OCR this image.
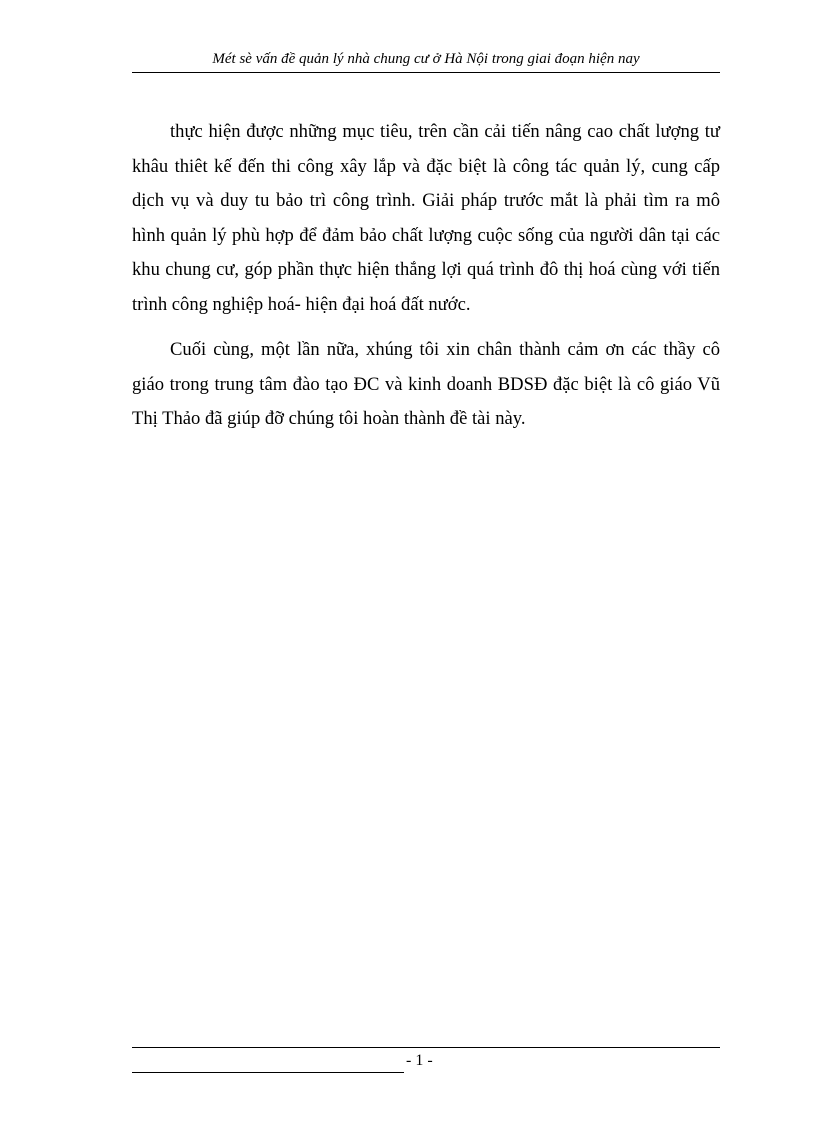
Mét sè vấn đề quản lý nhà chung cư ở Hà Nội trong giai đoạn hiện nay

thực hiện được những mục tiêu, trên cần cải tiến nâng cao chất lượng tư khâu thiêt kế đến thi công xây lắp và đặc biệt là công tác quản lý, cung cấp dịch vụ và duy tu bảo trì công trình. Giải pháp trước mắt là phải tìm ra mô hình quản lý phù hợp để đảm bảo chất lượng cuộc sống của người dân tại các khu chung cư, góp phần thực hiện thắng lợi quá trình đô thị hoá cùng với tiến trình công nghiệp hoá- hiện đại hoá đất nước.

Cuối cùng, một lần nữa, xhúng tôi xin chân thành cảm ơn các thầy cô giáo trong trung tâm đào tạo ĐC và kinh doanh BDSĐ đặc biệt là cô giáo Vũ Thị Thảo đã giúp đỡ chúng tôi hoàn thành đề tài này.

- 1 -
